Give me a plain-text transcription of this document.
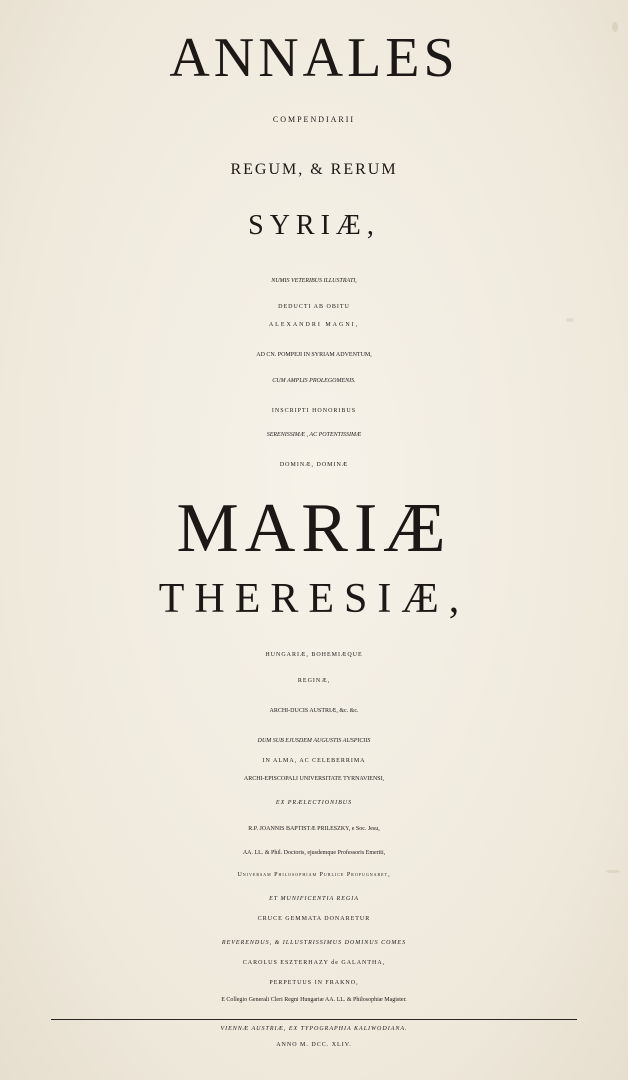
ANNALES
COMPENDIARII
REGUM, & RERUM
SYRIÆ,
NUMIS VETERIBUS ILLUSTRATI,
DEDUCTI AB OBITU
ALEXANDRI MAGNI,
AD CN. POMPEJI IN SYRIAM ADVENTUM,
CUM AMPLIS PROLEGOMENIS.
INSCRIPTI HONORIBUS
SERENISSIMÆ , AC POTENTISSIMÆ
DOMINÆ, DOMINÆ
MARIÆ
THERESIÆ,
HUNGARIÆ, BOHEMIÆQUE
REGINÆ,
ARCHI-DUCIS AUSTRIÆ, &c. &c.
DUM SUB EJUSDEM AUGUSTIS AUSPICIIS
IN ALMA, AC CELEBERRIMA
ARCHI-EPISCOPALI UNIVERSITATE TYRNAVIENSI,
EX PRÆLECTIONIBUS
R.P. JOANNIS BAPTISTÆ PRILESZKY, e Soc. Jesu,
AA. LL. & Phil. Doctoris, ejusdemque Professoris Emeriti,
Universam Philosophiam Publice Propugnaret,
ET MUNIFICENTIA REGIA
CRUCE GEMMATA DONARETUR
REVERENDUS, & ILLUSTRISSIMUS DOMINUS COMES
CAROLUS ESZTERHAZY de GALANTHA,
PERPETUUS IN FRAKNO,
E Collegio Generali Cleri Regni Hungariæ AA. LL. & Philosophiæ Magister.
VIENNÆ AUSTRIÆ, EX TYPOGRAPHIA KALIWODIANA.
ANNO M. DCC. XLIV.
